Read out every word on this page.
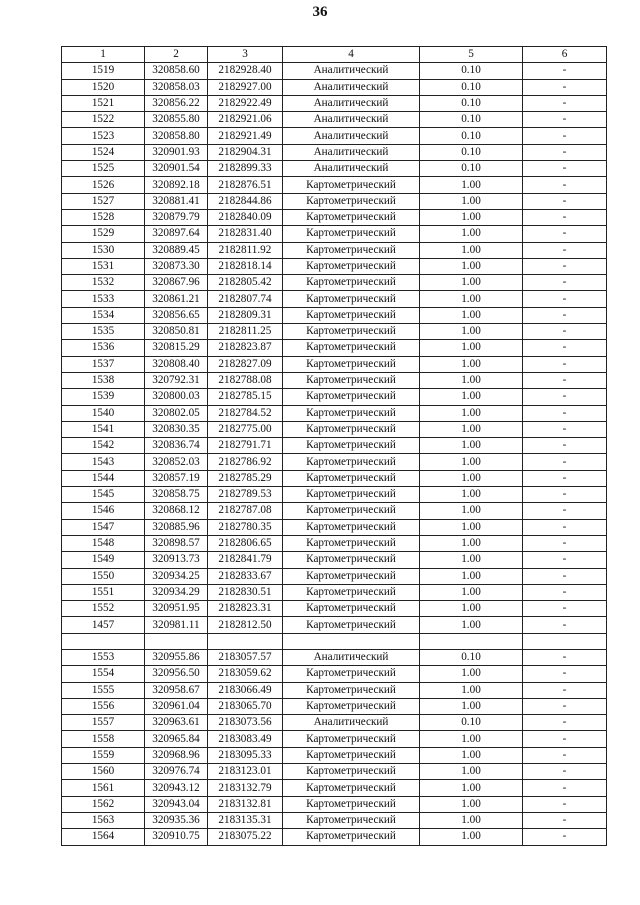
36
1	2	3	4	5	6
1519	320858.60	2182928.40	Аналитический	0.10	-
1520	320858.03	2182927.00	Аналитический	0.10	-
1521	320856.22	2182922.49	Аналитический	0.10	-
1522	320855.80	2182921.06	Аналитический	0.10	-
1523	320858.80	2182921.49	Аналитический	0.10	-
1524	320901.93	2182904.31	Аналитический	0.10	-
1525	320901.54	2182899.33	Аналитический	0.10	-
1526	320892.18	2182876.51	Картометрический	1.00	-
1527	320881.41	2182844.86	Картометрический	1.00	-
1528	320879.79	2182840.09	Картометрический	1.00	-
1529	320897.64	2182831.40	Картометрический	1.00	-
1530	320889.45	2182811.92	Картометрический	1.00	-
1531	320873.30	2182818.14	Картометрический	1.00	-
1532	320867.96	2182805.42	Картометрический	1.00	-
1533	320861.21	2182807.74	Картометрический	1.00	-
1534	320856.65	2182809.31	Картометрический	1.00	-
1535	320850.81	2182811.25	Картометрический	1.00	-
1536	320815.29	2182823.87	Картометрический	1.00	-
1537	320808.40	2182827.09	Картометрический	1.00	-
1538	320792.31	2182788.08	Картометрический	1.00	-
1539	320800.03	2182785.15	Картометрический	1.00	-
1540	320802.05	2182784.52	Картометрический	1.00	-
1541	320830.35	2182775.00	Картометрический	1.00	-
1542	320836.74	2182791.71	Картометрический	1.00	-
1543	320852.03	2182786.92	Картометрический	1.00	-
1544	320857.19	2182785.29	Картометрический	1.00	-
1545	320858.75	2182789.53	Картометрический	1.00	-
1546	320868.12	2182787.08	Картометрический	1.00	-
1547	320885.96	2182780.35	Картометрический	1.00	-
1548	320898.57	2182806.65	Картометрический	1.00	-
1549	320913.73	2182841.79	Картометрический	1.00	-
1550	320934.25	2182833.67	Картометрический	1.00	-
1551	320934.29	2182830.51	Картометрический	1.00	-
1552	320951.95	2182823.31	Картометрический	1.00	-
1457	320981.11	2182812.50	Картометрический	1.00	-

1553	320955.86	2183057.57	Аналитический	0.10	-
1554	320956.50	2183059.62	Картометрический	1.00	-
1555	320958.67	2183066.49	Картометрический	1.00	-
1556	320961.04	2183065.70	Картометрический	1.00	-
1557	320963.61	2183073.56	Аналитический	0.10	-
1558	320965.84	2183083.49	Картометрический	1.00	-
1559	320968.96	2183095.33	Картометрический	1.00	-
1560	320976.74	2183123.01	Картометрический	1.00	-
1561	320943.12	2183132.79	Картометрический	1.00	-
1562	320943.04	2183132.81	Картометрический	1.00	-
1563	320935.36	2183135.31	Картометрический	1.00	-
1564	320910.75	2183075.22	Картометрический	1.00	-
